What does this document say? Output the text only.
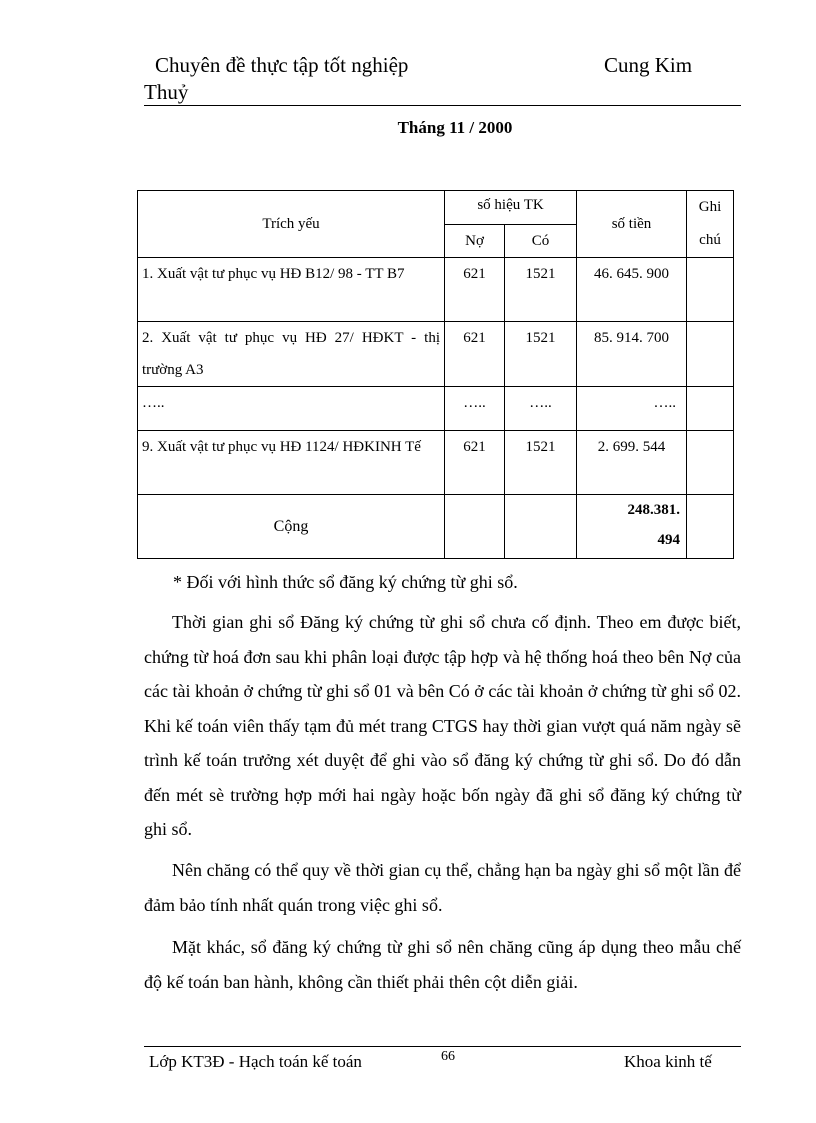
Chuyên đề thực tập tốt nghiệp	Cung Kim
Thuỷ
Tháng 11 / 2000
Trích yếu	số hiệu TK		số tiền	Ghi chú
	Nợ	Có		
1. Xuất vật tư phục vụ HĐ B12/ 98 - TT B7	621	1521	46. 645. 900	
2. Xuất vật tư phục vụ HĐ 27/ HĐKT - thị trường A3	621	1521	85. 914. 700	
…..	…..	…..	…..	
9. Xuất vật tư phục vụ HĐ 1124/ HĐKINH Tế	621	1521	2. 699. 544	
Cộng			248.381. 494	

* Đối với hình thức sổ đăng ký chứng từ ghi sổ.

Thời gian ghi sổ Đăng ký chứng từ ghi sổ chưa cố định. Theo em được biết, chứng từ hoá đơn sau khi phân loại được tập hợp và hệ thống hoá theo bên Nợ của các tài khoản ở chứng từ ghi sổ 01 và bên Có ở các tài khoản ở chứng từ ghi sổ 02. Khi kế toán viên thấy tạm đủ mét trang CTGS hay thời gian vượt quá năm ngày sẽ trình kế toán trưởng xét duyệt để ghi vào sổ đăng ký chứng từ ghi sổ. Do đó dẫn đến mét sè trường hợp mới hai ngày hoặc bốn ngày đã ghi sổ đăng ký chứng từ ghi sổ.

Nên chăng có thể quy về thời gian cụ thể, chẳng hạn ba ngày ghi sổ một lần để đảm bảo tính nhất quán trong việc ghi sổ.

Mặt khác, sổ đăng ký chứng từ ghi sổ nên chăng cũng áp dụng theo mẫu chế độ kế toán ban hành, không cần thiết phải thên cột diễn giải.

Lớp KT3Đ - Hạch toán kế toán	66	Khoa kinh tế
